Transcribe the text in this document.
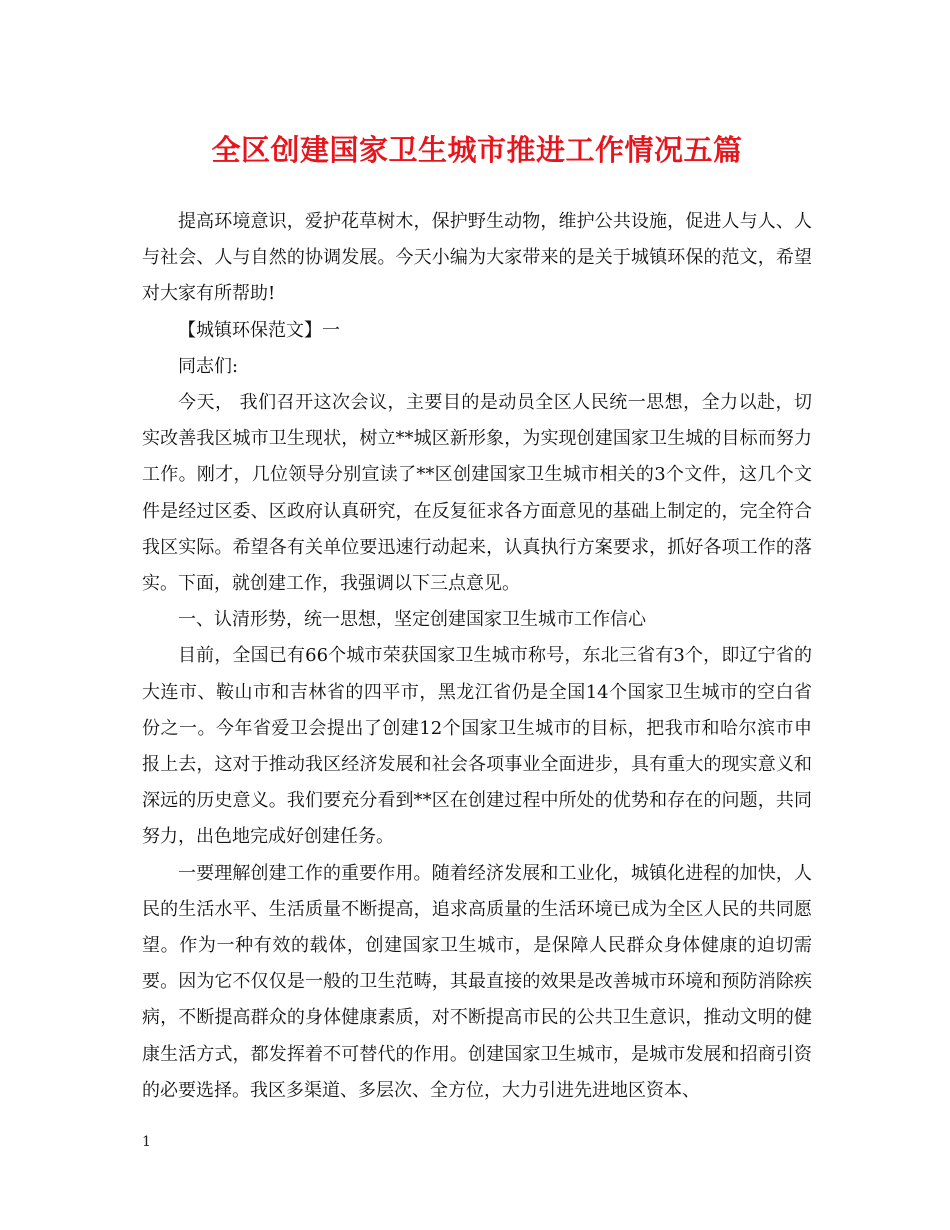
全区创建国家卫生城市推进工作情况五篇

提高环境意识，爱护花草树木，保护野生动物，维护公共设施，促进人与人、人与社会、人与自然的协调发展。今天小编为大家带来的是关于城镇环保的范文，希望对大家有所帮助!

【城镇环保范文】一

同志们:

今天， 我们召开这次会议，主要目的是动员全区人民统一思想，全力以赴，切实改善我区城市卫生现状，树立**城区新形象，为实现创建国家卫生城的目标而努力工作。刚才，几位领导分别宣读了**区创建国家卫生城市相关的3个文件，这几个文件是经过区委、区政府认真研究，在反复征求各方面意见的基础上制定的，完全符合我区实际。希望各有关单位要迅速行动起来，认真执行方案要求，抓好各项工作的落实。下面，就创建工作，我强调以下三点意见。

一、认清形势，统一思想，坚定创建国家卫生城市工作信心

目前，全国已有66个城市荣获国家卫生城市称号，东北三省有3个，即辽宁省的大连市、鞍山市和吉林省的四平市，黑龙江省仍是全国14个国家卫生城市的空白省份之一。今年省爱卫会提出了创建12个国家卫生城市的目标，把我市和哈尔滨市申报上去，这对于推动我区经济发展和社会各项事业全面进步，具有重大的现实意义和深远的历史意义。我们要充分看到**区在创建过程中所处的优势和存在的问题，共同努力，出色地完成好创建任务。

一要理解创建工作的重要作用。随着经济发展和工业化，城镇化进程的加快，人民的生活水平、生活质量不断提高，追求高质量的生活环境已成为全区人民的共同愿望。作为一种有效的载体，创建国家卫生城市，是保障人民群众身体健康的迫切需要。因为它不仅仅是一般的卫生范畴，其最直接的效果是改善城市环境和预防消除疾病，不断提高群众的身体健康素质，对不断提高市民的公共卫生意识，推动文明的健康生活方式，都发挥着不可替代的作用。创建国家卫生城市，是城市发展和招商引资的必要选择。我区多渠道、多层次、全方位，大力引进先进地区资本、

1
